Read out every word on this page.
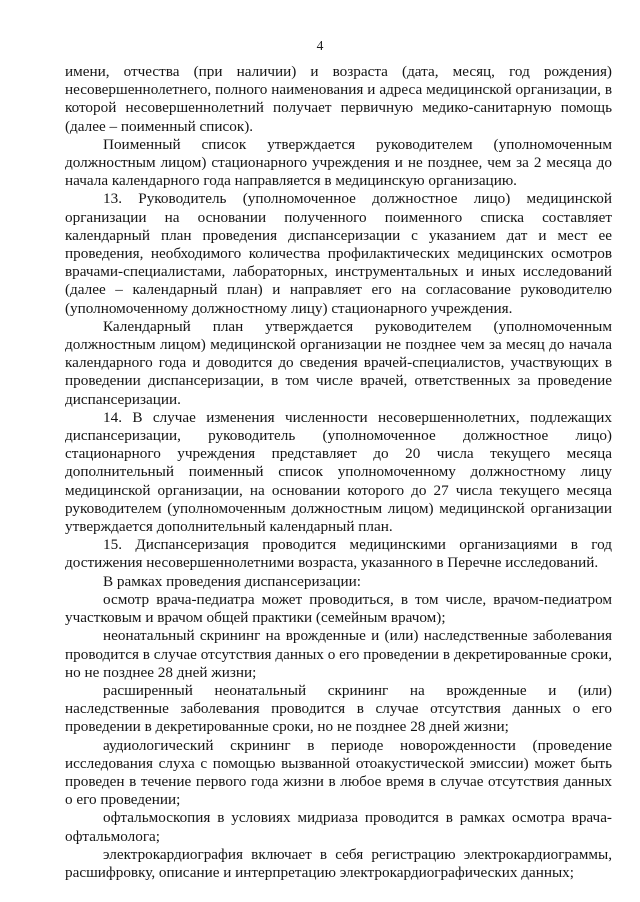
4

имени, отчества (при наличии) и возраста (дата, месяц, год рождения) несовершеннолетнего, полного наименования и адреса медицинской организации, в которой несовершеннолетний получает первичную медико-санитарную помощь (далее – поименный список).

Поименный список утверждается руководителем (уполномоченным должностным лицом) стационарного учреждения и не позднее, чем за 2 месяца до начала календарного года направляется в медицинскую организацию.

13. Руководитель (уполномоченное должностное лицо) медицинской организации на основании полученного поименного списка составляет календарный план проведения диспансеризации с указанием дат и мест ее проведения, необходимого количества профилактических медицинских осмотров врачами-специалистами, лабораторных, инструментальных и иных исследований (далее – календарный план) и направляет его на согласование руководителю (уполномоченному должностному лицу) стационарного учреждения.

Календарный план утверждается руководителем (уполномоченным должностным лицом) медицинской организации не позднее чем за месяц до начала календарного года и доводится до сведения врачей-специалистов, участвующих в проведении диспансеризации, в том числе врачей, ответственных за проведение диспансеризации.

14. В случае изменения численности несовершеннолетних, подлежащих диспансеризации, руководитель (уполномоченное должностное лицо) стационарного учреждения представляет до 20 числа текущего месяца дополнительный поименный список уполномоченному должностному лицу медицинской организации, на основании которого до 27 числа текущего месяца руководителем (уполномоченным должностным лицом) медицинской организации утверждается дополнительный календарный план.

15. Диспансеризация проводится медицинскими организациями в год достижения несовершеннолетними возраста, указанного в Перечне исследований.

В рамках проведения диспансеризации:

осмотр врача-педиатра может проводиться, в том числе, врачом-педиатром участковым и врачом общей практики (семейным врачом);

неонатальный скрининг на врожденные и (или) наследственные заболевания проводится в случае отсутствия данных о его проведении в декретированные сроки, но не позднее 28 дней жизни;

расширенный неонатальный скрининг на врожденные и (или) наследственные заболевания проводится в случае отсутствия данных о его проведении в декретированные сроки, но не позднее 28 дней жизни;

аудиологический скрининг в периоде новорожденности (проведение исследования слуха с помощью вызванной отоакустической эмиссии) может быть проведен в течение первого года жизни в любое время в случае отсутствия данных о его проведении;

офтальмоскопия в условиях мидриаза проводится в рамках осмотра врача-офтальмолога;

электрокардиография включает в себя регистрацию электрокардиограммы, расшифровку, описание и интерпретацию электрокардиографических данных;
